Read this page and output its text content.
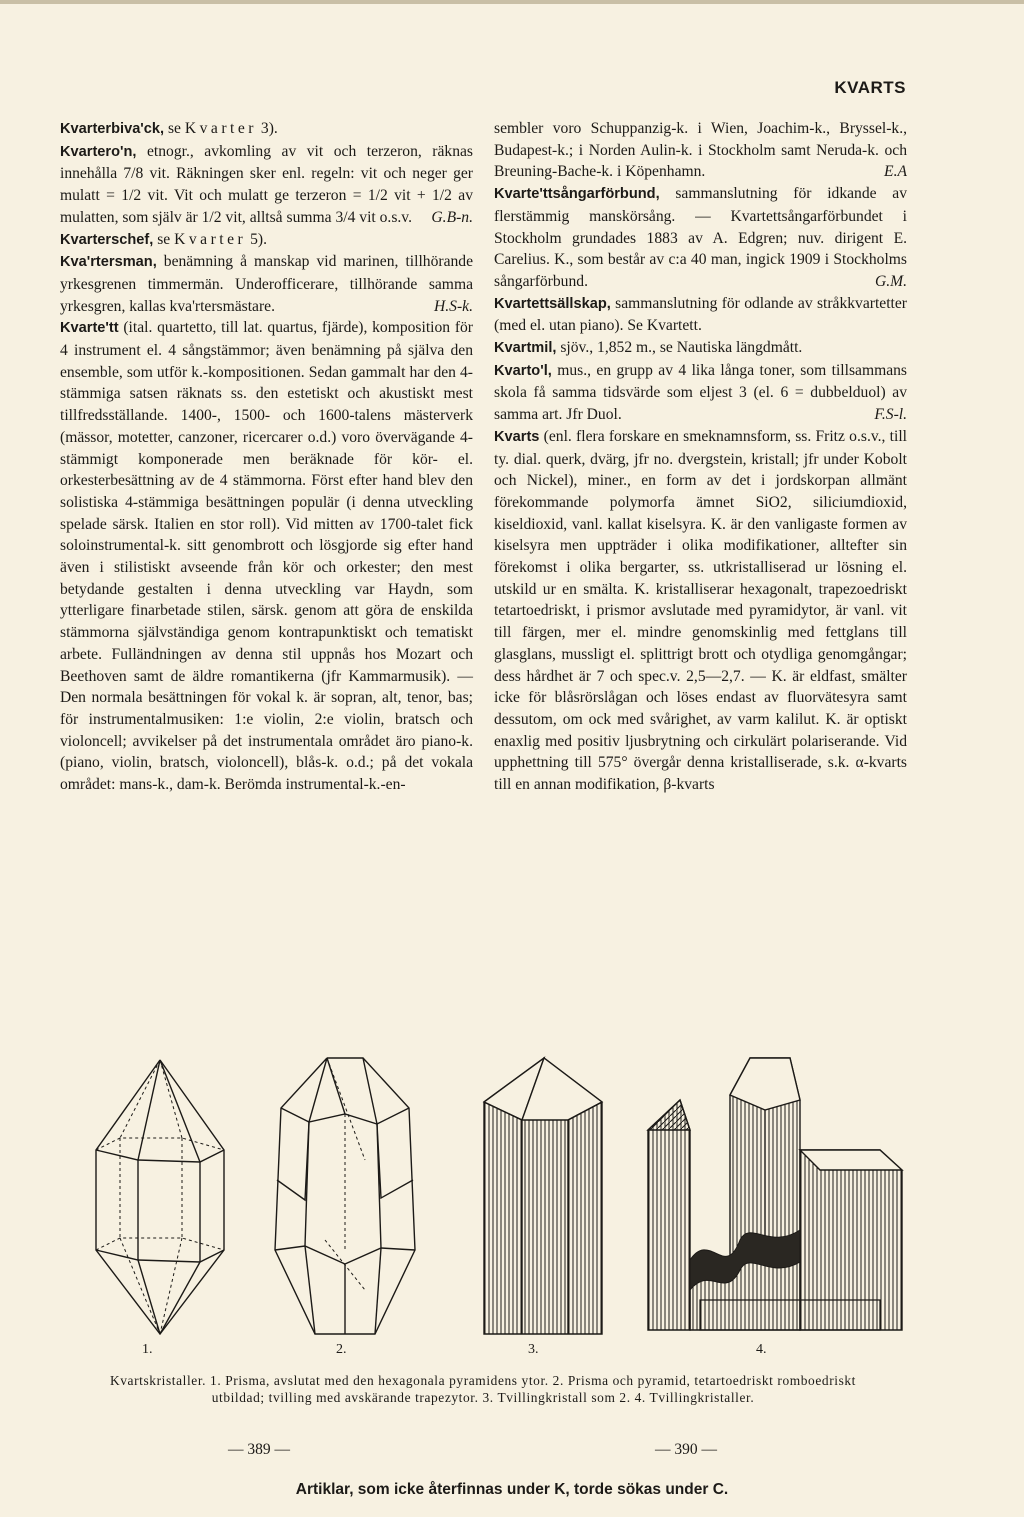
KVARTS

Kvarterbiva'ck, se Kvarter 3).

Kvartero'n, etnogr., avkomling av vit och terzeron, räknas innehålla 7/8 vit. Räkningen sker enl. regeln: vit och neger ger mulatt = 1/2 vit. Vit och mulatt ge terzeron = 1/2 vit + 1/2 av mulatten, som själv är 1/2 vit, alltså summa 3/4 vit o.s.v.	G.B-n.

Kvarterschef, se Kvarter 5).

Kva'rtersman, benämning å manskap vid marinen, tillhörande yrkesgrenen timmermän. Underofficerare, tillhörande samma yrkesgren, kallas kva'rtersmästare.	H.S-k.

Kvarte'tt (ital. quartetto, till lat. quartus, fjärde), komposition för 4 instrument el. 4 sångstämmor; även benämning på själva den ensemble, som utför k.-kompositionen. Sedan gammalt har den 4-stämmiga satsen räknats ss. den estetiskt och akustiskt mest tillfredsställande. 1400-, 1500- och 1600-talens mästerverk (mässor, motetter, canzoner, ricercarer o.d.) voro övervägande 4-stämmigt komponerade men beräknade för kör- el. orkesterbesättning av de 4 stämmorna. Först efter hand blev den solistiska 4-stämmiga besättningen populär (i denna utveckling spelade särsk. Italien en stor roll). Vid mitten av 1700-talet fick soloinstrumental-k. sitt genombrott och lösgjorde sig efter hand även i stilistiskt avseende från kör och orkester; den mest betydande gestalten i denna utveckling var Haydn, som ytterligare finarbetade stilen, särsk. genom att göra de enskilda stämmorna självständiga genom kontrapunktiskt och tematiskt arbete. Fulländningen av denna stil uppnås hos Mozart och Beethoven samt de äldre romantikerna (jfr Kammarmusik). — Den normala besättningen för vokal k. är sopran, alt, tenor, bas; för instrumentalmusiken: 1:e violin, 2:e violin, bratsch och violoncell; avvikelser på det instrumentala området äro piano-k. (piano, violin, bratsch, violoncell), blås-k. o.d.; på det vokala området: mans-k., dam-k. Berömda instrumental-k.-en-

sembler voro Schuppanzig-k. i Wien, Joachim-k., Bryssel-k., Budapest-k.; i Norden Aulin-k. i Stockholm samt Neruda-k. och Breuning-Bache-k. i Köpenhamn.	E.A

Kvarte'ttsångarförbund, sammanslutning för idkande av flerstämmig manskörsång. — Kvartettsångarförbundet i Stockholm grundades 1883 av A. Edgren; nuv. dirigent E. Carelius. K., som består av c:a 40 man, ingick 1909 i Stockholms sångarförbund.	G.M.

Kvartettsällskap, sammanslutning för odlande av stråkkvartetter (med el. utan piano). Se Kvartett.

Kvartmil, sjöv., 1,852 m., se Nautiska längdmått.

Kvarto'l, mus., en grupp av 4 lika långa toner, som tillsammans skola få samma tidsvärde som eljest 3 (el. 6 = dubbelduol) av samma art. Jfr Duol.	F.S-l.

Kvarts (enl. flera forskare en smeknamnsform, ss. Fritz o.s.v., till ty. dial. querk, dvärg, jfr no. dvergstein, kristall; jfr under Kobolt och Nickel), miner., en form av det i jordskorpan allmänt förekommande polymorfa ämnet SiO2, siliciumdioxid, kiseldioxid, vanl. kallat kiselsyra. K. är den vanligaste formen av kiselsyra men uppträder i olika modifikationer, alltefter sin förekomst i olika bergarter, ss. utkristalliserad ur lösning el. utskild ur en smälta. K. kristalliserar hexagonalt, trapezoedriskt tetartoedriskt, i prismor avslutade med pyramidytor, är vanl. vit till färgen, mer el. mindre genomskinlig med fettglans till glasglans, mussligt el. splittrigt brott och otydliga genomgångar; dess hårdhet är 7 och spec.v. 2,5—2,7. — K. är eldfast, smälter icke för blåsrörslågan och löses endast av fluorvätesyra samt dessutom, om ock med svårighet, av varm kalilut. K. är optiskt enaxlig med positiv ljusbrytning och cirkulärt polariserande. Vid upphettning till 575° övergår denna kristalliserade, s.k. α-kvarts till en annan modifikation, β-kvarts

1.	2.	3.	4.
Kvartskristaller. 1. Prisma, avslutat med den hexagonala pyramidens ytor. 2. Prisma och pyramid, tetartoedriskt romboedriskt utbildad; tvilling med avskärande trapezytor. 3. Tvillingkristall som 2. 4. Tvillingkristaller.
— 389 —	— 390 —
Artiklar, som icke återfinnas under K, torde sökas under C.
